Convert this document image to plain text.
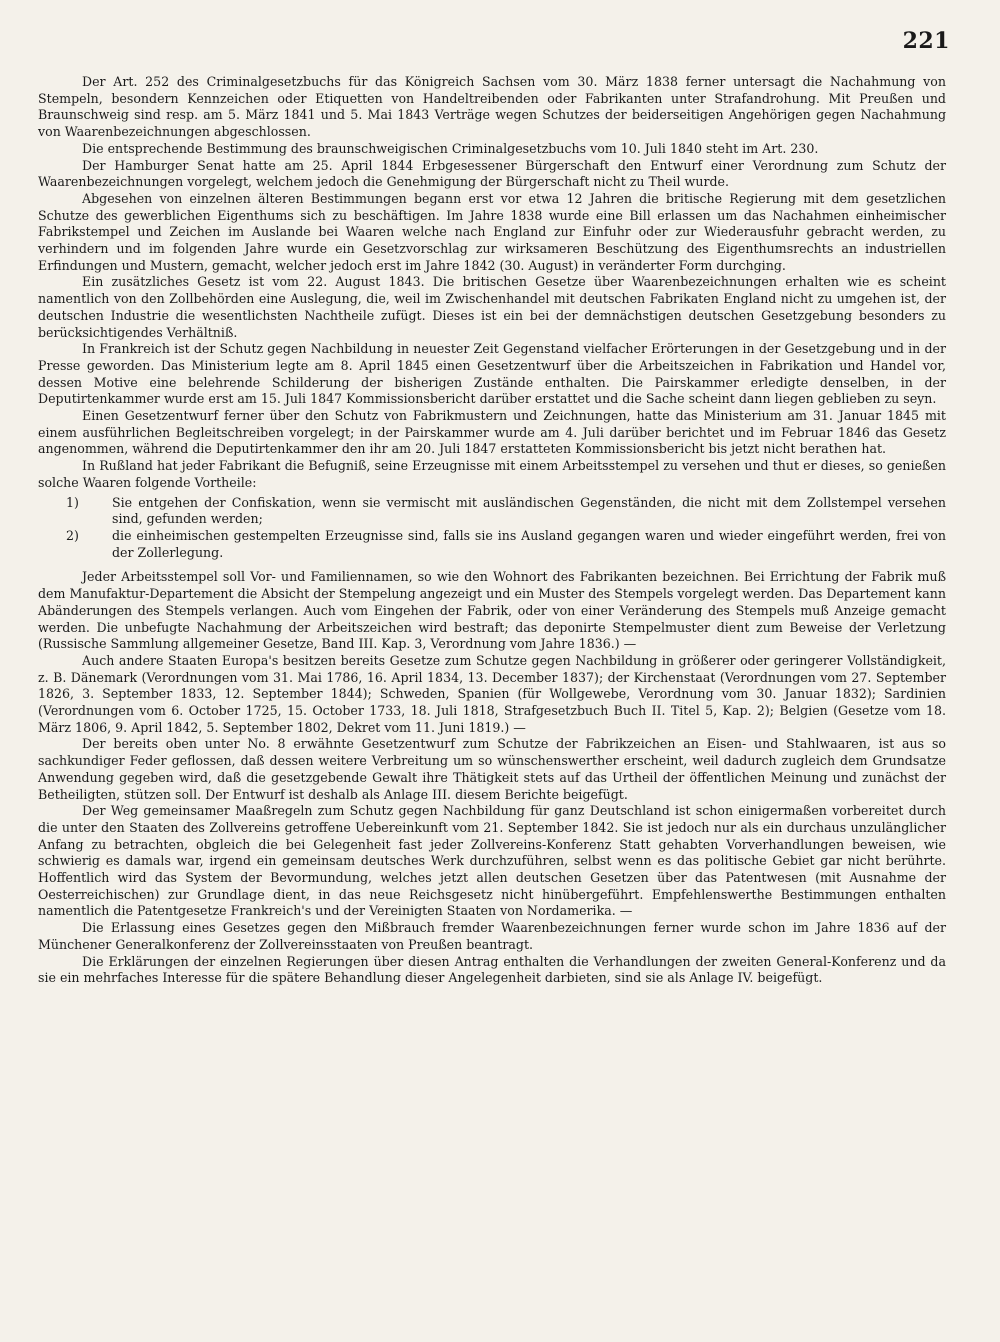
221

Der Art. 252 des Criminalgesetzbuchs für das Königreich Sachsen vom 30. März 1838 ferner untersagt die Nachahmung von Stempeln, besondern Kennzeichen oder Etiquetten von Handeltreibenden oder Fabrikanten unter Strafandrohung. Mit Preußen und Braunschweig sind resp. am 5. März 1841 und 5. Mai 1843 Verträge wegen Schutzes der beiderseitigen Angehörigen gegen Nachahmung von Waarenbezeichnungen abgeschlossen.

Die entsprechende Bestimmung des braunschweigischen Criminalgesetzbuchs vom 10. Juli 1840 steht im Art. 230.

Der Hamburger Senat hatte am 25. April 1844 Erbgesessener Bürgerschaft den Entwurf einer Verordnung zum Schutz der Waarenbezeichnungen vorgelegt, welchem jedoch die Genehmigung der Bürgerschaft nicht zu Theil wurde.

Abgesehen von einzelnen älteren Bestimmungen begann erst vor etwa 12 Jahren die britische Regierung mit dem gesetzlichen Schutze des gewerblichen Eigenthums sich zu beschäftigen. Im Jahre 1838 wurde eine Bill erlassen um das Nachahmen einheimischer Fabrikstempel und Zeichen im Auslande bei Waaren welche nach England zur Einfuhr oder zur Wiederausfuhr gebracht werden, zu verhindern und im folgenden Jahre wurde ein Gesetzvorschlag zur wirksameren Beschützung des Eigenthumsrechts an industriellen Erfindungen und Mustern, gemacht, welcher jedoch erst im Jahre 1842 (30. August) in veränderter Form durchging.

Ein zusätzliches Gesetz ist vom 22. August 1843. Die britischen Gesetze über Waarenbezeichnungen erhalten wie es scheint namentlich von den Zollbehörden eine Auslegung, die, weil im Zwischenhandel mit deutschen Fabrikaten England nicht zu umgehen ist, der deutschen Industrie die wesentlichsten Nachtheile zufügt. Dieses ist ein bei der demnächstigen deutschen Gesetzgebung besonders zu berücksichtigendes Verhältniß.

In Frankreich ist der Schutz gegen Nachbildung in neuester Zeit Gegenstand vielfacher Erörterungen in der Gesetzgebung und in der Presse geworden. Das Ministerium legte am 8. April 1845 einen Gesetzentwurf über die Arbeitszeichen in Fabrikation und Handel vor, dessen Motive eine belehrende Schilderung der bisherigen Zustände enthalten. Die Pairskammer erledigte denselben, in der Deputirtenkammer wurde erst am 15. Juli 1847 Kommissionsbericht darüber erstattet und die Sache scheint dann liegen geblieben zu seyn.

Einen Gesetzentwurf ferner über den Schutz von Fabrikmustern und Zeichnungen, hatte das Ministerium am 31. Januar 1845 mit einem ausführlichen Begleitschreiben vorgelegt; in der Pairskammer wurde am 4. Juli darüber berichtet und im Februar 1846 das Gesetz angenommen, während die Deputirtenkammer den ihr am 20. Juli 1847 erstatteten Kommissionsbericht bis jetzt nicht berathen hat.

In Rußland hat jeder Fabrikant die Befugniß, seine Erzeugnisse mit einem Arbeitsstempel zu versehen und thut er dieses, so genießen solche Waaren folgende Vortheile:

1)	Sie entgehen der Confiskation, wenn sie vermischt mit ausländischen Gegenständen, die nicht mit dem Zollstempel versehen sind, gefunden werden;
2)	die einheimischen gestempelten Erzeugnisse sind, falls sie ins Ausland gegangen waren und wieder eingeführt werden, frei von der Zollerlegung.

Jeder Arbeitsstempel soll Vor- und Familiennamen, so wie den Wohnort des Fabrikanten bezeichnen. Bei Errichtung der Fabrik muß dem Manufaktur-Departement die Absicht der Stempelung angezeigt und ein Muster des Stempels vorgelegt werden. Das Departement kann Abänderungen des Stempels verlangen. Auch vom Eingehen der Fabrik, oder von einer Veränderung des Stempels muß Anzeige gemacht werden. Die unbefugte Nachahmung der Arbeitszeichen wird bestraft; das deponirte Stempelmuster dient zum Beweise der Verletzung (Russische Sammlung allgemeiner Gesetze, Band III. Kap. 3, Verordnung vom Jahre 1836.) —

Auch andere Staaten Europa's besitzen bereits Gesetze zum Schutze gegen Nachbildung in größerer oder geringerer Vollständigkeit, z. B. Dänemark (Verordnungen vom 31. Mai 1786, 16. April 1834, 13. December 1837); der Kirchenstaat (Verordnungen vom 27. September 1826, 3. September 1833, 12. September 1844); Schweden, Spanien (für Wollgewebe, Verordnung vom 30. Januar 1832); Sardinien (Verordnungen vom 6. October 1725, 15. October 1733, 18. Juli 1818, Strafgesetzbuch Buch II. Titel 5, Kap. 2); Belgien (Gesetze vom 18. März 1806, 9. April 1842, 5. September 1802, Dekret vom 11. Juni 1819.) —

Der bereits oben unter No. 8 erwähnte Gesetzentwurf zum Schutze der Fabrikzeichen an Eisen- und Stahlwaaren, ist aus so sachkundiger Feder geflossen, daß dessen weitere Verbreitung um so wünschenswerther erscheint, weil dadurch zugleich dem Grundsatze Anwendung gegeben wird, daß die gesetzgebende Gewalt ihre Thätigkeit stets auf das Urtheil der öffentlichen Meinung und zunächst der Betheiligten, stützen soll. Der Entwurf ist deshalb als Anlage III. diesem Berichte beigefügt.

Der Weg gemeinsamer Maaßregeln zum Schutz gegen Nachbildung für ganz Deutschland ist schon einigermaßen vorbereitet durch die unter den Staaten des Zollvereins getroffene Uebereinkunft vom 21. September 1842. Sie ist jedoch nur als ein durchaus unzulänglicher Anfang zu betrachten, obgleich die bei Gelegenheit fast jeder Zollvereins-Konferenz Statt gehabten Vorverhandlungen beweisen, wie schwierig es damals war, irgend ein gemeinsam deutsches Werk durchzuführen, selbst wenn es das politische Gebiet gar nicht berührte. Hoffentlich wird das System der Bevormundung, welches jetzt allen deutschen Gesetzen über das Patentwesen (mit Ausnahme der Oesterreichischen) zur Grundlage dient, in das neue Reichsgesetz nicht hinübergeführt. Empfehlenswerthe Bestimmungen enthalten namentlich die Patentgesetze Frankreich's und der Vereinigten Staaten von Nordamerika. —

Die Erlassung eines Gesetzes gegen den Mißbrauch fremder Waarenbezeichnungen ferner wurde schon im Jahre 1836 auf der Münchener Generalkonferenz der Zollvereinsstaaten von Preußen beantragt.

Die Erklärungen der einzelnen Regierungen über diesen Antrag enthalten die Verhandlungen der zweiten General-Konferenz und da sie ein mehrfaches Interesse für die spätere Behandlung dieser Angelegenheit darbieten, sind sie als Anlage IV. beigefügt.
